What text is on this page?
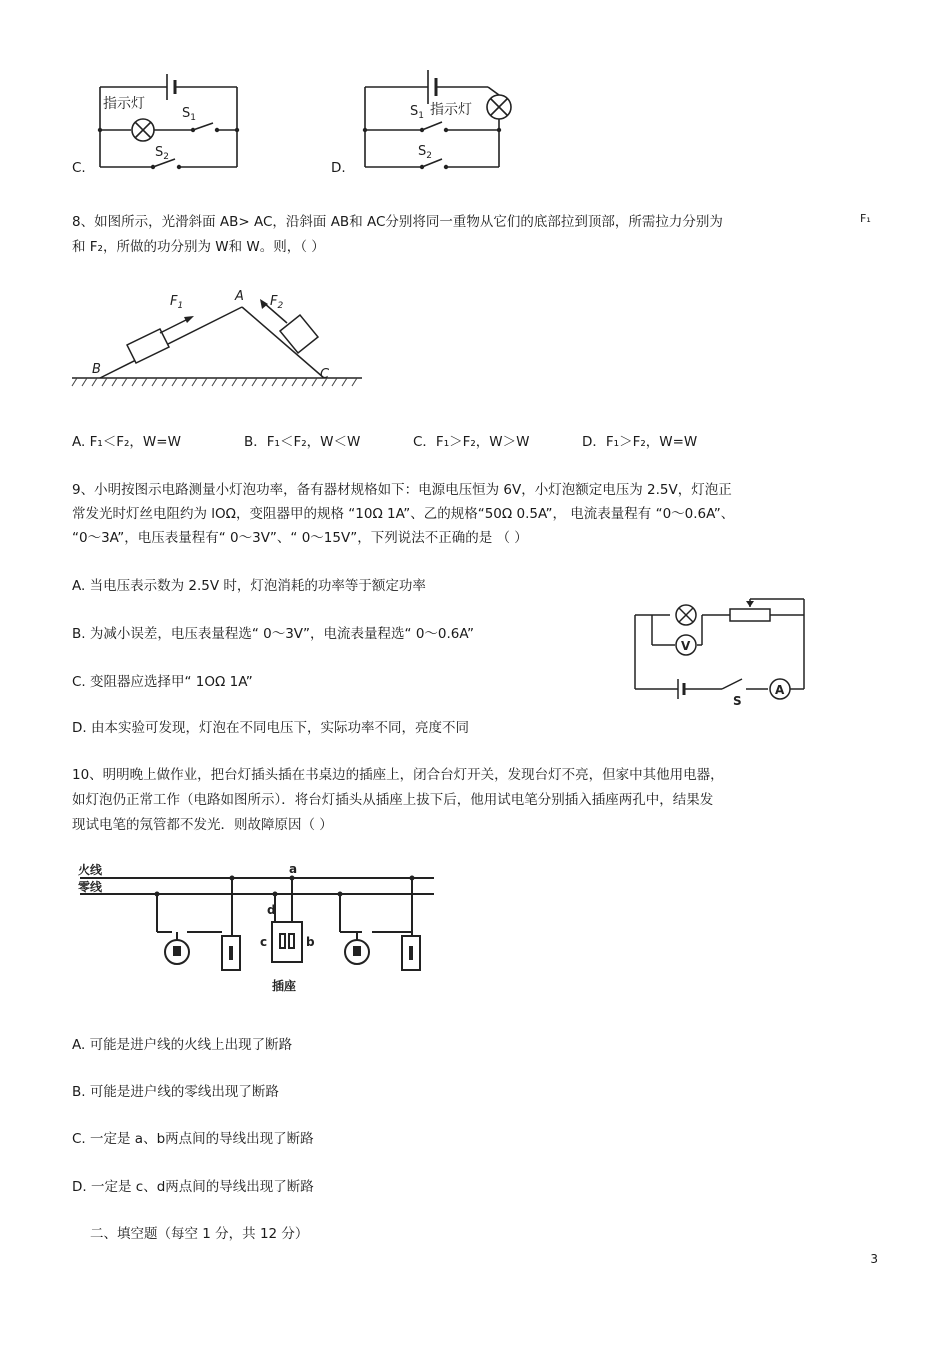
C.
指示灯
$S_1$
$S_2$
D.
$S_1$ 指示灯
$S_2$
8、如图所示，光滑斜面 AB> AC，沿斜面 AB和 AC分别将同一重物从它们的底部拉到顶部，所需拉力分别为	F₁
和 F₂，所做的功分别为 W和 W。则，（ ）
$F_1$	$F_2$
A
B	C
A. F₁＜F₂，W=W	B．F₁＜F₂，W＜W	C．F₁＞F₂，W＞W	D．F₁＞F₂，W=W
9、小明按图示电路测量小灯泡功率，备有器材规格如下：电源电压恒为 6V，小灯泡额定电压为 2.5V，灯泡正
常发光时灯丝电阻约为 lOΩ，变阻器甲的规格 “10Ω 1A”、乙的规格“50Ω 0.5A”， 电流表量程有 “0～0.6A”、
“0～3A”，电压表量程有“ 0～3V”、“ 0～15V”，下列说法不正确的是 （ ）
A. 当电压表示数为 2.5V 时，灯泡消耗的功率等于额定功率
B. 为减小误差，电压表量程选“ 0～3V”，电流表量程选“ 0～0.6A”
C. 变阻器应选择甲“ 1OΩ 1A”
D. 由本实验可发现，灯泡在不同电压下，实际功率不同，亮度不同
V
A
S
10、明明晚上做作业，把台灯插头插在书桌边的插座上，闭合台灯开关，发现台灯不亮，但家中其他用电器，
如灯泡仍正常工作（电路如图所示）．将台灯插头从插座上拔下后，他用试电笔分别插入插座两孔中，结果发
现试电笔的氖管都不发光．则故障原因（ ）
火线
零线
a
d
c	b
插座
A. 可能是进户线的火线上出现了断路
B. 可能是进户线的零线出现了断路
C. 一定是 a、b两点间的导线出现了断路
D. 一定是 c、d两点间的导线出现了断路
二、填空题（每空 1 分，共 12 分）
3
